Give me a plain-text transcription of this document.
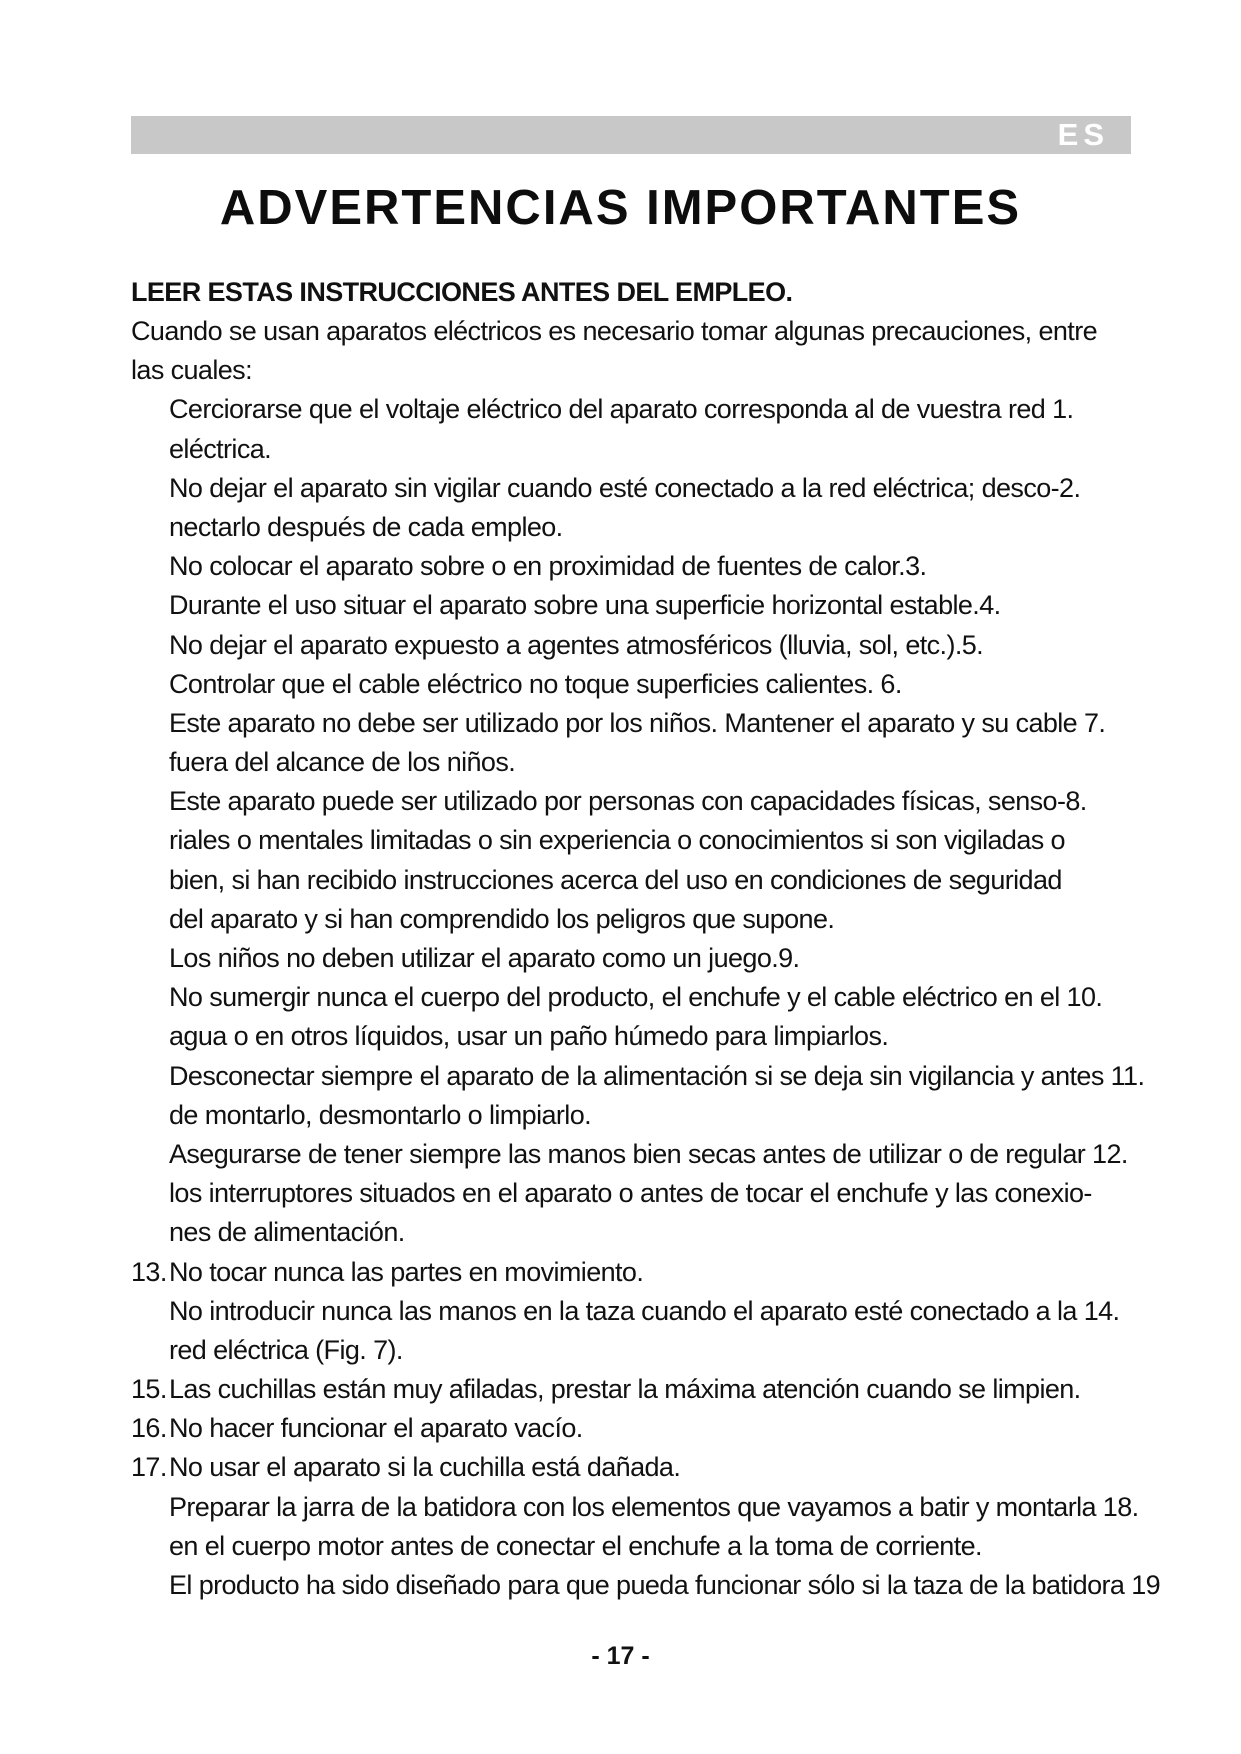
ES
ADVERTENCIAS IMPORTANTES
LEER ESTAS INSTRUCCIONES ANTES DEL EMPLEO.
Cuando se usan aparatos eléctricos es necesario tomar algunas precauciones, entre
las cuales:
Cerciorarse que el voltaje eléctrico del aparato corresponda al de vuestra red 1.
eléctrica.
No dejar el aparato sin vigilar cuando esté conectado a la red eléctrica; desco-2.
nectarlo después de cada empleo.
No colocar el aparato sobre o en proximidad de fuentes de calor.3.
Durante el uso situar el aparato sobre una superficie horizontal estable.4.
No dejar el aparato expuesto a agentes atmosféricos (lluvia, sol, etc.).5.
Controlar que el cable eléctrico no toque superficies calientes. 6.
Este aparato no debe ser utilizado por los niños. Mantener el aparato y su cable 7.
fuera del alcance de los niños.
Este aparato puede ser utilizado por personas con capacidades físicas, senso-8.
riales o mentales limitadas o sin experiencia o conocimientos si son vigiladas o
bien, si han recibido instrucciones acerca del uso en condiciones de seguridad
del aparato y si han comprendido los peligros que supone.
Los niños no deben utilizar el aparato como un juego.9.
No sumergir nunca el cuerpo del producto, el enchufe y el cable eléctrico en el 10.
agua o en otros líquidos, usar un paño húmedo para limpiarlos.
Desconectar siempre el aparato de la alimentación si se deja sin vigilancia y antes 11.
de montarlo, desmontarlo o limpiarlo.
Asegurarse de tener siempre las manos bien secas antes de utilizar o de regular 12.
los interruptores situados en el aparato o antes de tocar el enchufe y las conexio-
nes de alimentación.
13.No tocar nunca las partes en movimiento.
No introducir nunca las manos en la taza cuando el aparato esté conectado a la 14.
red eléctrica (Fig. 7).
15.Las cuchillas están muy afiladas, prestar la máxima atención cuando se limpien.
16.No hacer funcionar el aparato vacío.
17.No usar el aparato si la cuchilla está dañada.
Preparar la jarra de la batidora con los elementos que vayamos a batir y montarla 18.
en el cuerpo motor antes de conectar el enchufe a la toma de corriente.
El producto ha sido diseñado para que pueda funcionar sólo si la taza de la batidora 19
- 17 -
